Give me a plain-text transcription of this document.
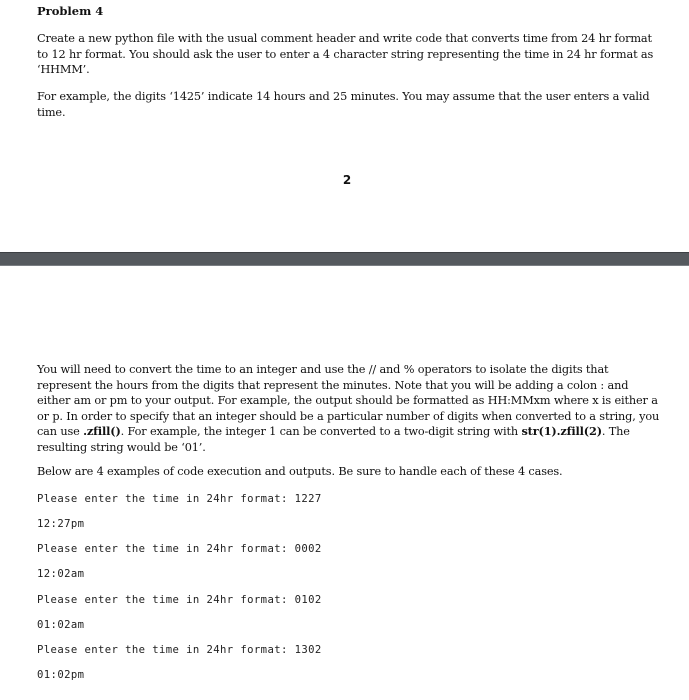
Problem 4
Create a new python file with the usual comment header and write code that converts time from 24 hr format to 12 hr format. You should ask the user to enter a 4 character string representing the time in 24 hr format as ‘HHMM’.
For example, the digits ‘1425’ indicate 14 hours and 25 minutes. You may assume that the user enters a valid time.
2
You will need to convert the time to an integer and use the // and % operators to isolate the digits that represent the hours from the digits that represent the minutes. Note that you will be adding a colon : and either am or pm to your output. For example, the output should be formatted as HH:MMxm where x is either a or p. In order to specify that an integer should be a particular number of digits when converted to a string, you can use .zfill(). For example, the integer 1 can be converted to a two-digit string with str(1).zfill(2). The resulting string would be ‘01’.
Below are 4 examples of code execution and outputs. Be sure to handle each of these 4 cases.
Please enter the time in 24hr format: 1227
12:27pm
Please enter the time in 24hr format: 0002
12:02am
Please enter the time in 24hr format: 0102
01:02am
Please enter the time in 24hr format: 1302
01:02pm
